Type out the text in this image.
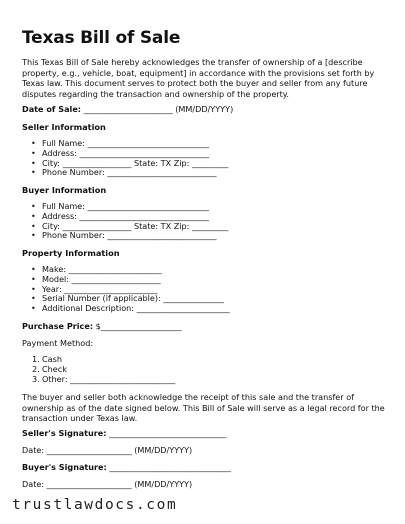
Texas Bill of Sale
This Texas Bill of Sale hereby acknowledges the transfer of ownership of a [describe property, e.g., vehicle, boat, equipment] in accordance with the provisions set forth by Texas law. This document serves to protect both the buyer and seller from any future disputes regarding the transaction and ownership of the property.
Date of Sale: ______________________ (MM/DD/YYYY)
Seller Information
• Full Name: ______________________________
• Address: ________________________________
• City: _________________ State: TX Zip: _________
• Phone Number: ___________________________
Buyer Information
• Full Name: ______________________________
• Address: ________________________________
• City: _________________ State: TX Zip: _________
• Phone Number: ___________________________
Property Information
• Make: _______________________
• Model: ______________________
• Year: _______________________
• Serial Number (if applicable): _______________
• Additional Description: _______________________
Purchase Price: $____________________
Payment Method:
1. Cash
2. Check
3. Other: __________________________
The buyer and seller both acknowledge the receipt of this sale and the transfer of ownership as of the date signed below. This Bill of Sale will serve as a legal record for the transaction under Texas law.
Seller's Signature: _____________________________
Date: _____________________ (MM/DD/YYYY)
Buyer's Signature: ______________________________
Date: _____________________ (MM/DD/YYYY)
trustlawdocs.com
